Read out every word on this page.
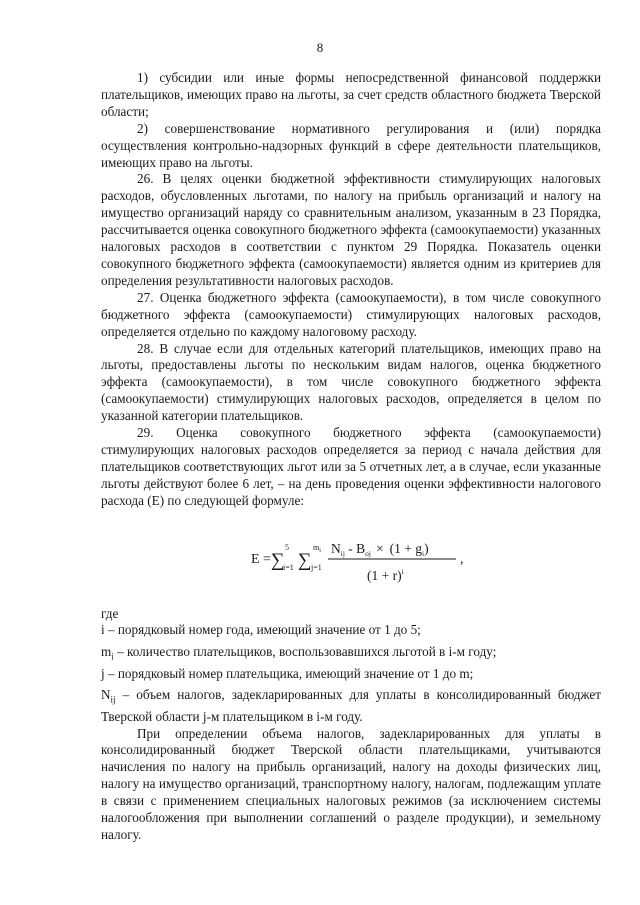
8

1) субсидии или иные формы непосредственной финансовой поддержки плательщиков, имеющих право на льготы, за счет средств областного бюджета Тверской области;

2) совершенствование нормативного регулирования и (или) порядка осуществления контрольно-надзорных функций в сфере деятельности плательщиков, имеющих право на льготы.

26. В целях оценки бюджетной эффективности стимулирующих налоговых расходов, обусловленных льготами, по налогу на прибыль организаций и налогу на имущество организаций наряду со сравнительным анализом, указанным в 23 Порядка, рассчитывается оценка совокупного бюджетного эффекта (самоокупаемости) указанных налоговых расходов в соответствии с пунктом 29 Порядка. Показатель оценки совокупного бюджетного эффекта (самоокупаемости) является одним из критериев для определения результативности налоговых расходов.

27. Оценка бюджетного эффекта (самоокупаемости), в том числе совокупного бюджетного эффекта (самоокупаемости) стимулирующих налоговых расходов, определяется отдельно по каждому налоговому расходу.

28. В случае если для отдельных категорий плательщиков, имеющих право на льготы, предоставлены льготы по нескольким видам налогов, оценка бюджетного эффекта (самоокупаемости), в том числе совокупного бюджетного эффекта (самоокупаемости) стимулирующих налоговых расходов, определяется в целом по указанной категории плательщиков.

29. Оценка совокупного бюджетного эффекта (самоокупаемости) стимулирующих налоговых расходов определяется за период с начала действия для плательщиков соответствующих льгот или за 5 отчетных лет, а в случае, если указанные льготы действуют более 6 лет, – на день проведения оценки эффективности налогового расхода (E) по следующей формуле:

E = ∑
5
i=1 ∑
$m_i$
j=1
$N_{ij} - B_{oj} \times (1 + g_i)$
$(1 + r)^i$
,

где

i – порядковый номер года, имеющий значение от 1 до 5;

$m_i$ – количество плательщиков, воспользовавшихся льготой в i-м году;

j – порядковый номер плательщика, имеющий значение от 1 до m;

$N_{ij}$ – объем налогов, задекларированных для уплаты в консолидированный бюджет Тверской области j-м плательщиком в i-м году.

При определении объема налогов, задекларированных для уплаты в консолидированный бюджет Тверской области плательщиками, учитываются начисления по налогу на прибыль организаций, налогу на доходы физических лиц, налогу на имущество организаций, транспортному налогу, налогам, подлежащим уплате в связи с применением специальных налоговых режимов (за исключением системы налогообложения при выполнении соглашений о разделе продукции), и земельному налогу.
